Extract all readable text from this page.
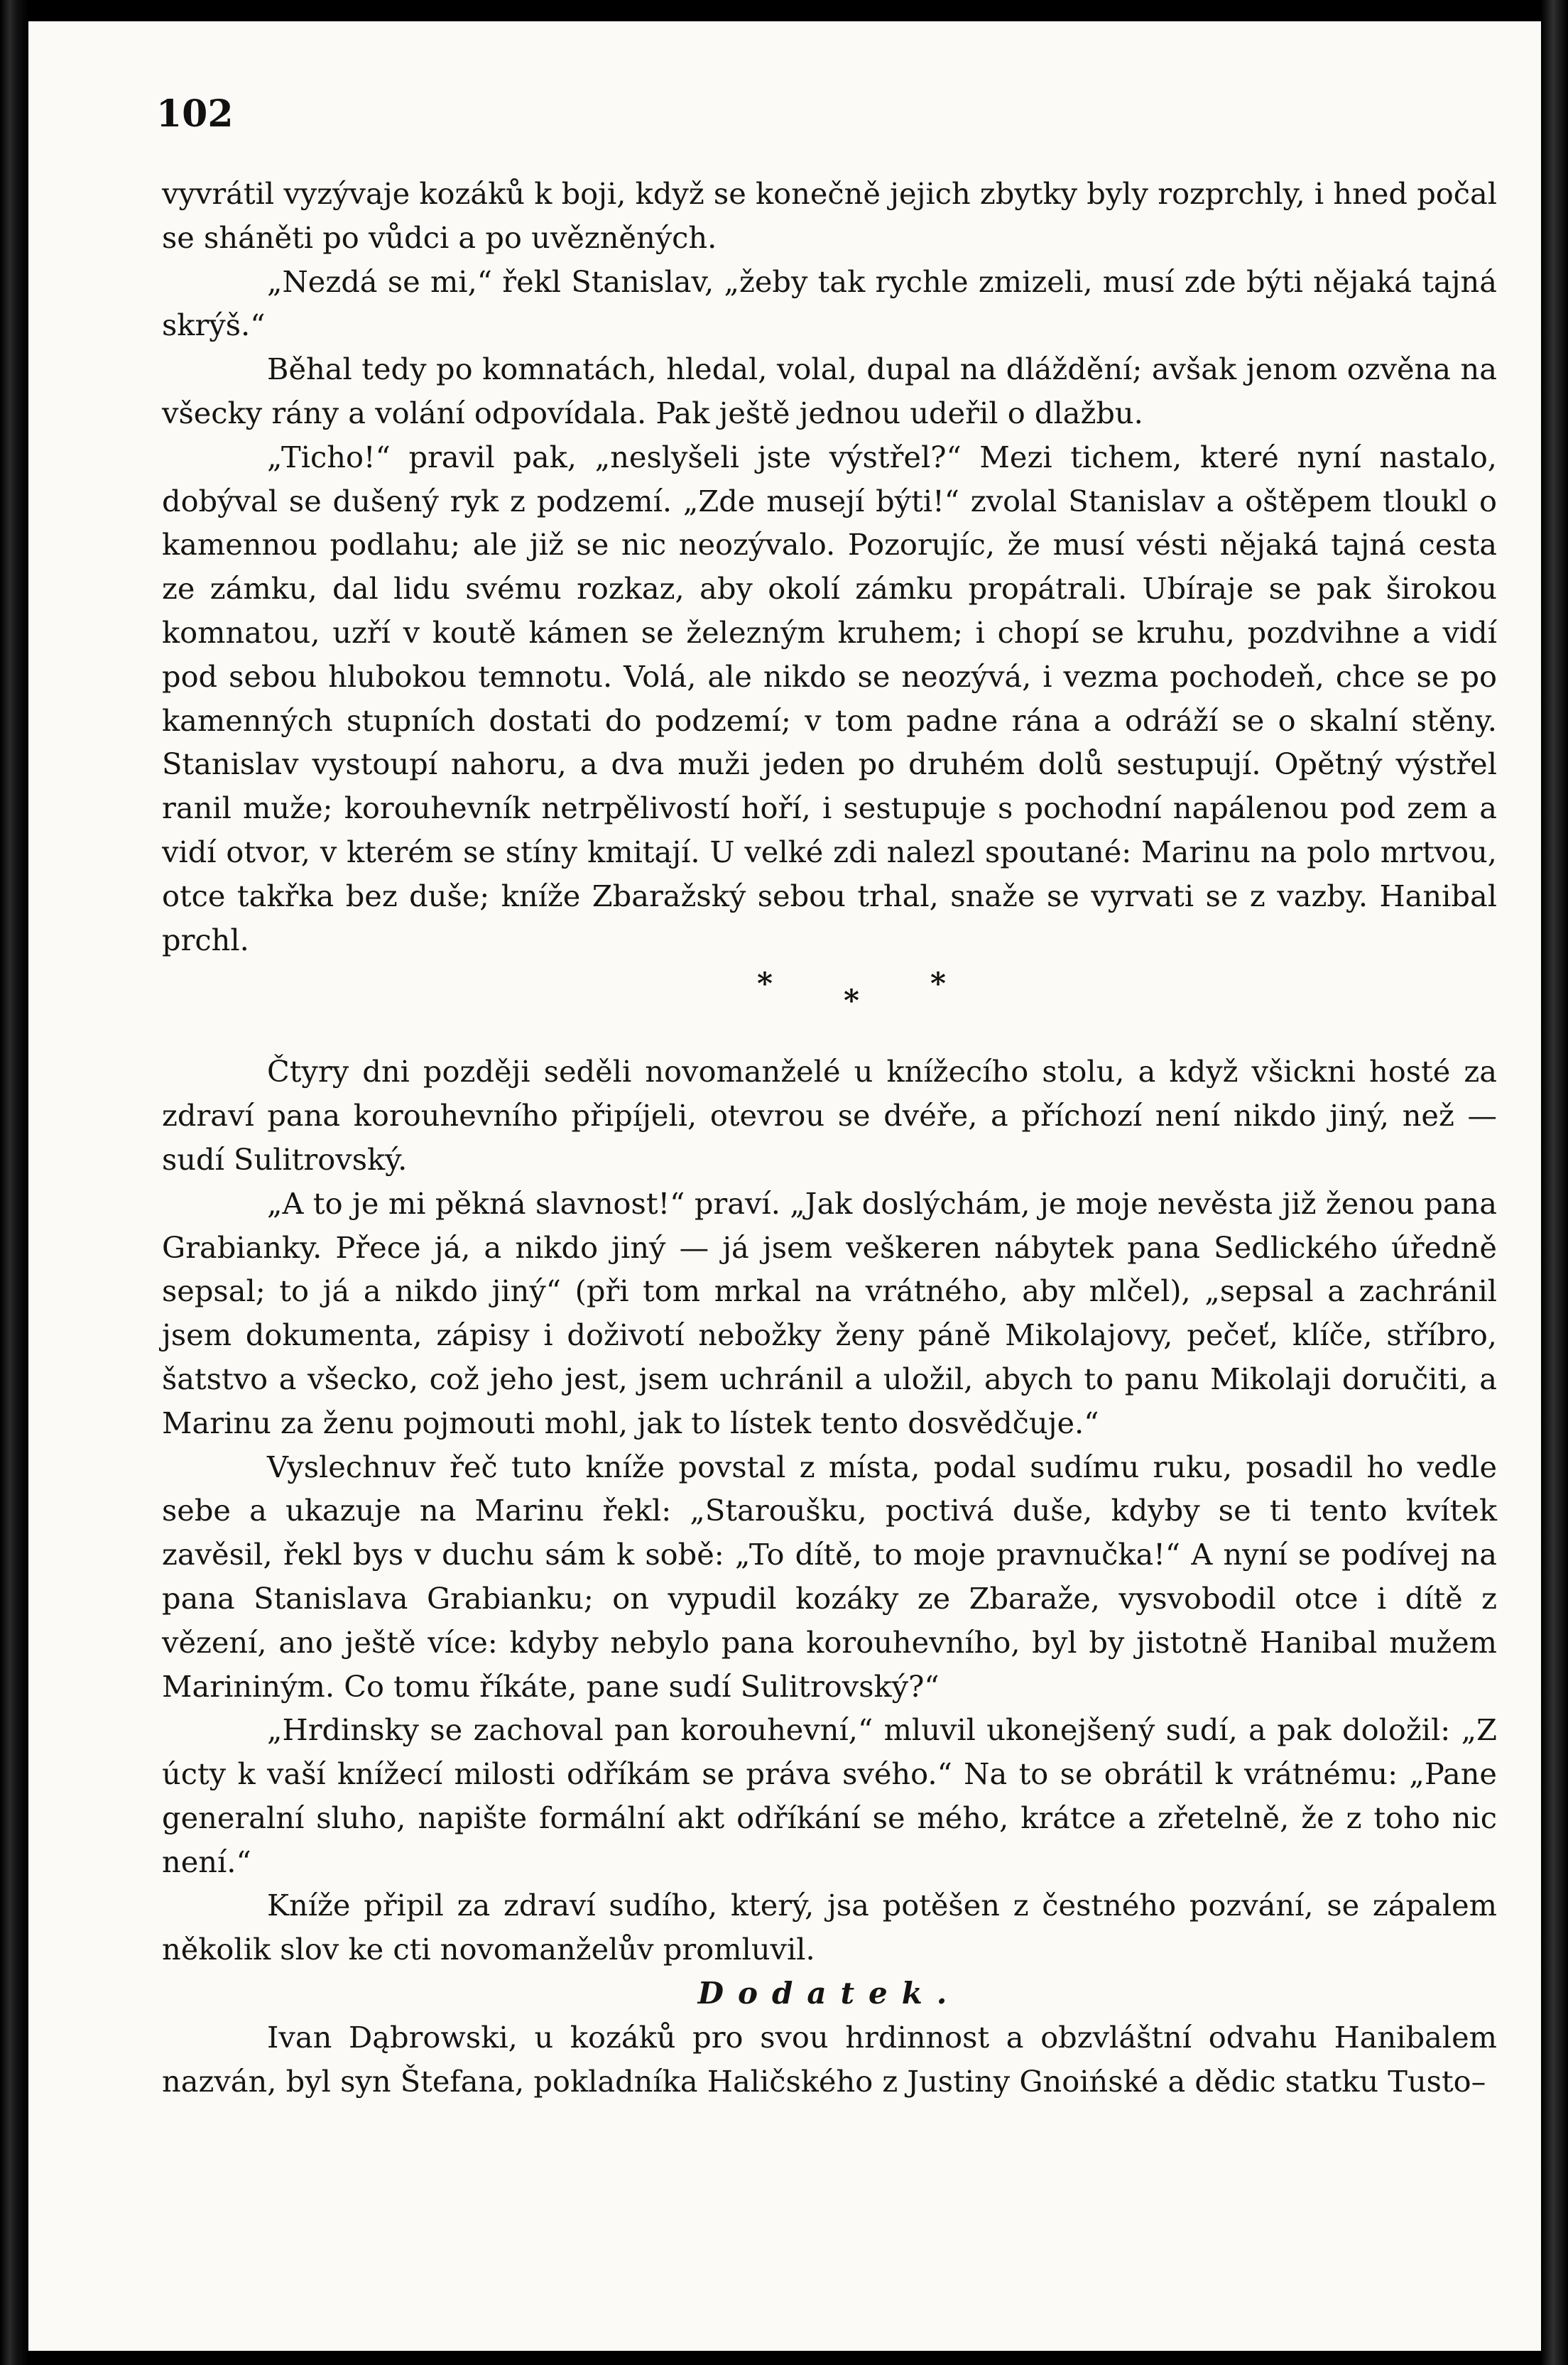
102

vyvrátil vyzývaje kozáků k boji, když se konečně jejich zbytky byly rozprchly, i hned počal se sháněti po vůdci a po uvězněných.

„Nezdá se mi,“ řekl Stanislav, „žeby tak rychle zmizeli, musí zde býti nějaká tajná skrýš.“

Běhal tedy po komnatách, hledal, volal, dupal na dláždění; avšak jenom ozvěna na všecky rány a volání odpovídala. Pak ještě jednou udeřil o dlažbu.

„Ticho!“ pravil pak, „neslyšeli jste výstřel?“ Mezi tichem, které nyní nastalo, dobýval se dušený ryk z podzemí. „Zde musejí býti!“ zvolal Stanislav a oštěpem tloukl o kamennou podlahu; ale již se nic neozývalo. Pozorujíc, že musí vésti nějaká tajná cesta ze zámku, dal lidu svému rozkaz, aby okolí zámku propátrali. Ubíraje se pak širokou komnatou, uzří v koutě kámen se železným kruhem; i chopí se kruhu, pozdvihne a vidí pod sebou hlubokou temnotu. Volá, ale nikdo se neozývá, i vezma pochodeň, chce se po kamenných stupních dostati do podzemí; v tom padne rána a odráží se o skalní stěny. Stanislav vystoupí nahoru, a dva muži jeden po druhém dolů sestupují. Opětný výstřel ranil muže; korouhevník netrpělivostí hoří, i sestupuje s pochodní napálenou pod zem a vidí otvor, v kterém se stíny kmitají. U velké zdi nalezl spoutané: Marinu na polo mrtvou, otce takřka bez duše; kníže Zbaražský sebou trhal, snaže se vyrvati se z vazby. Hanibal prchl.

* * *

Čtyry dni později seděli novomanželé u knížecího stolu, a když všickni hosté za zdraví pana korouhevního připíjeli, otevrou se dvéře, a příchozí není nikdo jiný, než — sudí Sulitrovský.

„A to je mi pěkná slavnost!“ praví. „Jak doslýchám, je moje nevěsta již ženou pana Grabianky. Přece já, a nikdo jiný — já jsem veškeren nábytek pana Sedlického úředně sepsal; to já a nikdo jiný“ (při tom mrkal na vrátného, aby mlčel), „sepsal a zachránil jsem dokumenta, zápisy i doživotí nebožky ženy páně Mikolajovy, pečeť, klíče, stříbro, šatstvo a všecko, což jeho jest, jsem uchránil a uložil, abych to panu Mikolaji doručiti, a Marinu za ženu pojmouti mohl, jak to lístek tento dosvědčuje.“

Vyslechnuv řeč tuto kníže povstal z místa, podal sudímu ruku, posadil ho vedle sebe a ukazuje na Marinu řekl: „Staroušku, poctivá duše, kdyby se ti tento kvítek zavěsil, řekl bys v duchu sám k sobě: „To dítě, to moje pravnučka!“ A nyní se podívej na pana Stanislava Grabianku; on vypudil kozáky ze Zbaraže, vysvobodil otce i dítě z vězení, ano ještě více: kdyby nebylo pana korouhevního, byl by jistotně Hanibal mužem Marininým. Co tomu říkáte, pane sudí Sulitrovský?“

„Hrdinsky se zachoval pan korouhevní,“ mluvil ukonejšený sudí, a pak doložil: „Z úcty k vaší knížecí milosti odříkám se práva svého.“ Na to se obrátil k vrátnému: „Pane generalní sluho, napište formální akt odříkání se mého, krátce a zřetelně, že z toho nic není.“

Kníže připil za zdraví sudího, který, jsa potěšen z čestného pozvání, se zápalem několik slov ke cti novomanželův promluvil.

Dodatek.

Ivan Dąbrowski, u kozáků pro svou hrdinnost a obzvláštní odvahu Hanibalem nazván, byl syn Štefana, pokladníka Haličského z Justiny Gnoińské a dědic statku Tusto–
